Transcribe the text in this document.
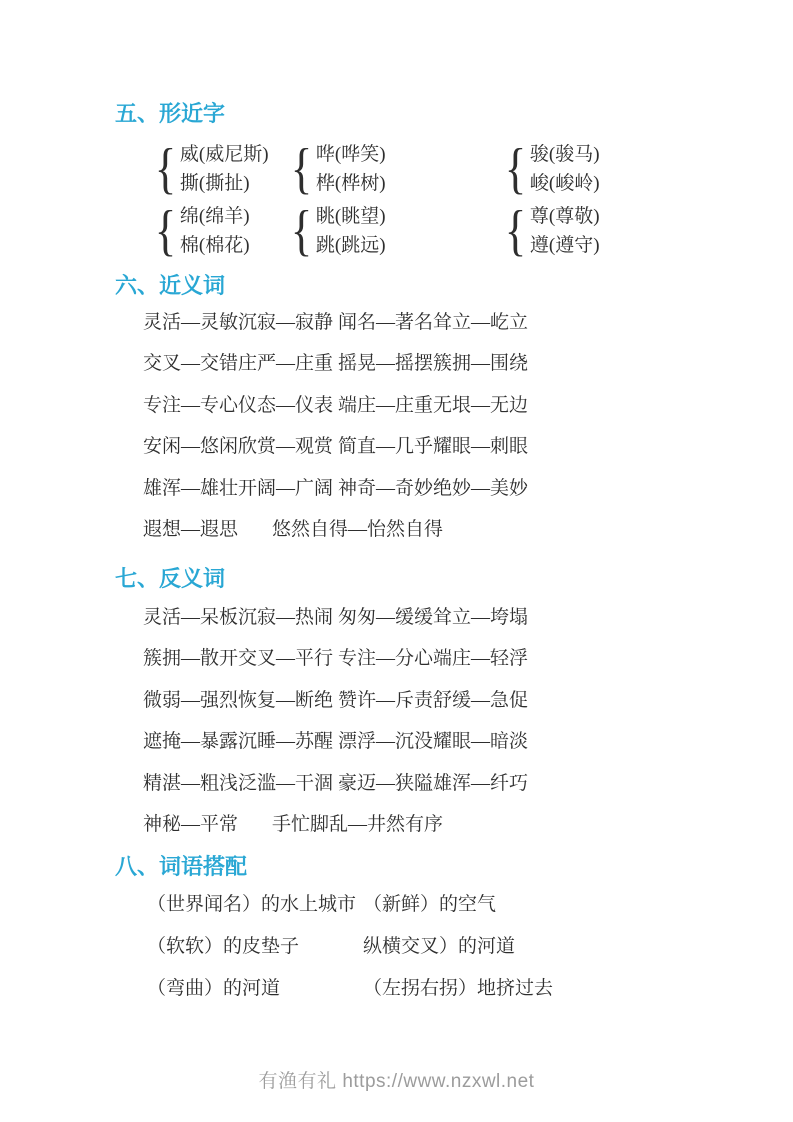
五、形近字
{ 威(威尼斯)
撕(撕扯) { 哗(哗笑)
桦(桦树) { 骏(骏马)
峻(峻岭)
{ 绵(绵羊)
棉(棉花) { 眺(眺望)
跳(跳远) { 尊(尊敬)
遵(遵守)
六、近义词
灵活—灵敏 沉寂—寂静 闻名—著名 耸立—屹立
交叉—交错 庄严—庄重 摇晃—摇摆 簇拥—围绕
专注—专心 仪态—仪表 端庄—庄重 无垠—无边
安闲—悠闲 欣赏—观赏 简直—几乎 耀眼—刺眼
雄浑—雄壮 开阔—广阔 神奇—奇妙 绝妙—美妙
遐想—遐思 悠然自得—怡然自得
七、反义词
灵活—呆板 沉寂—热闹 匆匆—缓缓 耸立—垮塌
簇拥—散开 交叉—平行 专注—分心 端庄—轻浮
微弱—强烈 恢复—断绝 赞许—斥责 舒缓—急促
遮掩—暴露 沉睡—苏醒 漂浮—沉没 耀眼—暗淡
精湛—粗浅 泛滥—干涸 豪迈—狭隘 雄浑—纤巧
神秘—平常 手忙脚乱—井然有序
八、词语搭配
（世界闻名）的水上城市 （新鲜）的空气
（软软）的皮垫子	纵横交叉）的河道
（弯曲）的河道	（左拐右拐）地挤过去
有渔有礼 https://www.nzxwl.net
